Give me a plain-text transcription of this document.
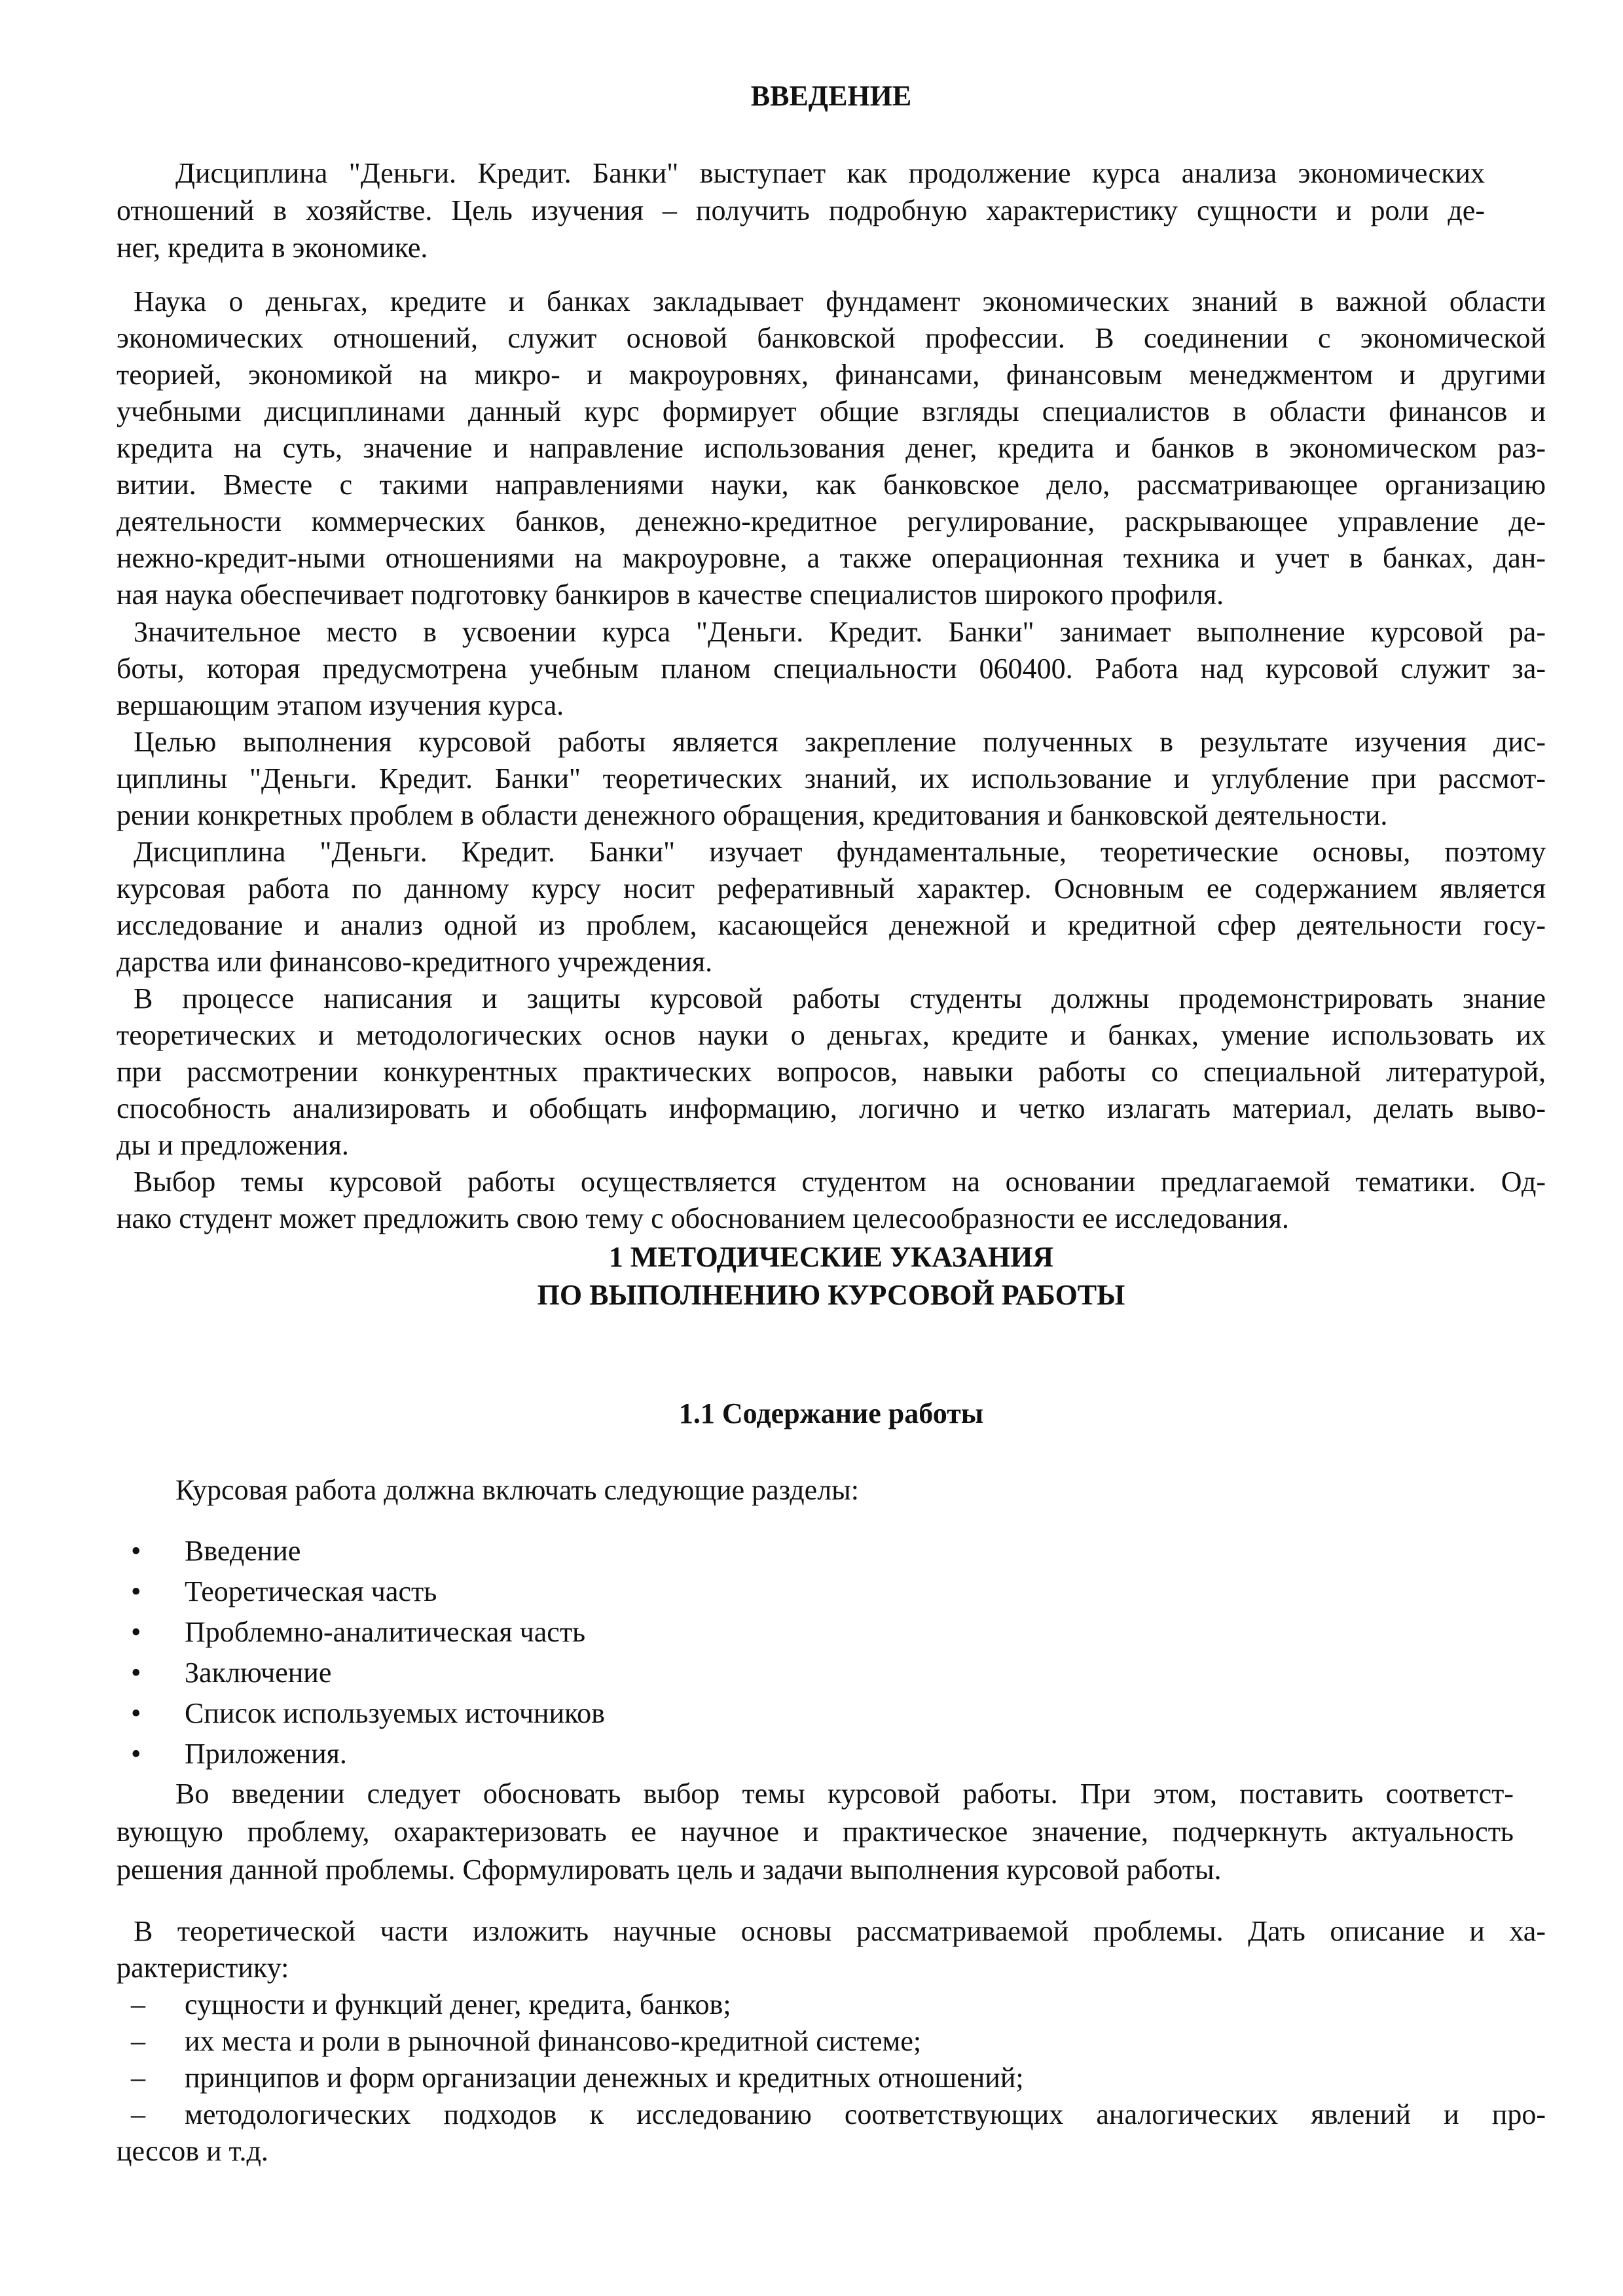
ВВЕДЕНИЕ
Дисциплина "Деньги. Кредит. Банки" выступает как продолжение курса анализа экономических
отношений в хозяйстве. Цель изучения – получить подробную характеристику сущности и роли де-
нег, кредита в экономике.
Наука о деньгах, кредите и банках закладывает фундамент экономических знаний в важной области
экономических отношений, служит основой банковской профессии. В соединении с экономической
теорией, экономикой на микро- и макроуровнях, финансами, финансовым менеджментом и другими
учебными дисциплинами данный курс формирует общие взгляды специалистов в области финансов и
кредита на суть, значение и направление использования денег, кредита и банков в экономическом раз-
витии. Вместе с такими направлениями науки, как банковское дело, рассматривающее организацию
деятельности коммерческих банков, денежно-кредитное регулирование, раскрывающее управление де-
нежно-кредит-ными отношениями на макроуровне, а также операционная техника и учет в банках, дан-
ная наука обеспечивает подготовку банкиров в качестве специалистов широкого профиля.
Значительное место в усвоении курса "Деньги. Кредит. Банки" занимает выполнение курсовой ра-
боты, которая предусмотрена учебным планом специальности 060400. Работа над курсовой служит за-
вершающим этапом изучения курса.
Целью выполнения курсовой работы является закрепление полученных в результате изучения дис-
циплины "Деньги. Кредит. Банки" теоретических знаний, их использование и углубление при рассмот-
рении конкретных проблем в области денежного обращения, кредитования и банковской деятельности.
Дисциплина "Деньги. Кредит. Банки" изучает фундаментальные, теоретические основы, поэтому
курсовая работа по данному курсу носит реферативный характер. Основным ее содержанием является
исследование и анализ одной из проблем, касающейся денежной и кредитной сфер деятельности госу-
дарства или финансово-кредитного учреждения.
В процессе написания и защиты курсовой работы студенты должны продемонстрировать знание
теоретических и методологических основ науки о деньгах, кредите и банках, умение использовать их
при рассмотрении конкурентных практических вопросов, навыки работы со специальной литературой,
способность анализировать и обобщать информацию, логично и четко излагать материал, делать выво-
ды и предложения.
Выбор темы курсовой работы осуществляется студентом на основании предлагаемой тематики. Од-
нако студент может предложить свою тему с обоснованием целесообразности ее исследования.
1 МЕТОДИЧЕСКИЕ УКАЗАНИЯ
ПО ВЫПОЛНЕНИЮ КУРСОВОЙ РАБОТЫ
1.1 Содержание работы
Курсовая работа должна включать следующие разделы:
• Введение
• Теоретическая часть
• Проблемно-аналитическая часть
• Заключение
• Список используемых источников
• Приложения.
Во введении следует обосновать выбор темы курсовой работы. При этом, поставить соответст-
вующую проблему, охарактеризовать ее научное и практическое значение, подчеркнуть актуальность
решения данной проблемы. Сформулировать цель и задачи выполнения курсовой работы.
В теоретической части изложить научные основы рассматриваемой проблемы. Дать описание и ха-
рактеристику:
– сущности и функций денег, кредита, банков;
– их места и роли в рыночной финансово-кредитной системе;
– принципов и форм организации денежных и кредитных отношений;
– методологических подходов к исследованию соответствующих аналогических явлений и про-
цессов и т.д.
